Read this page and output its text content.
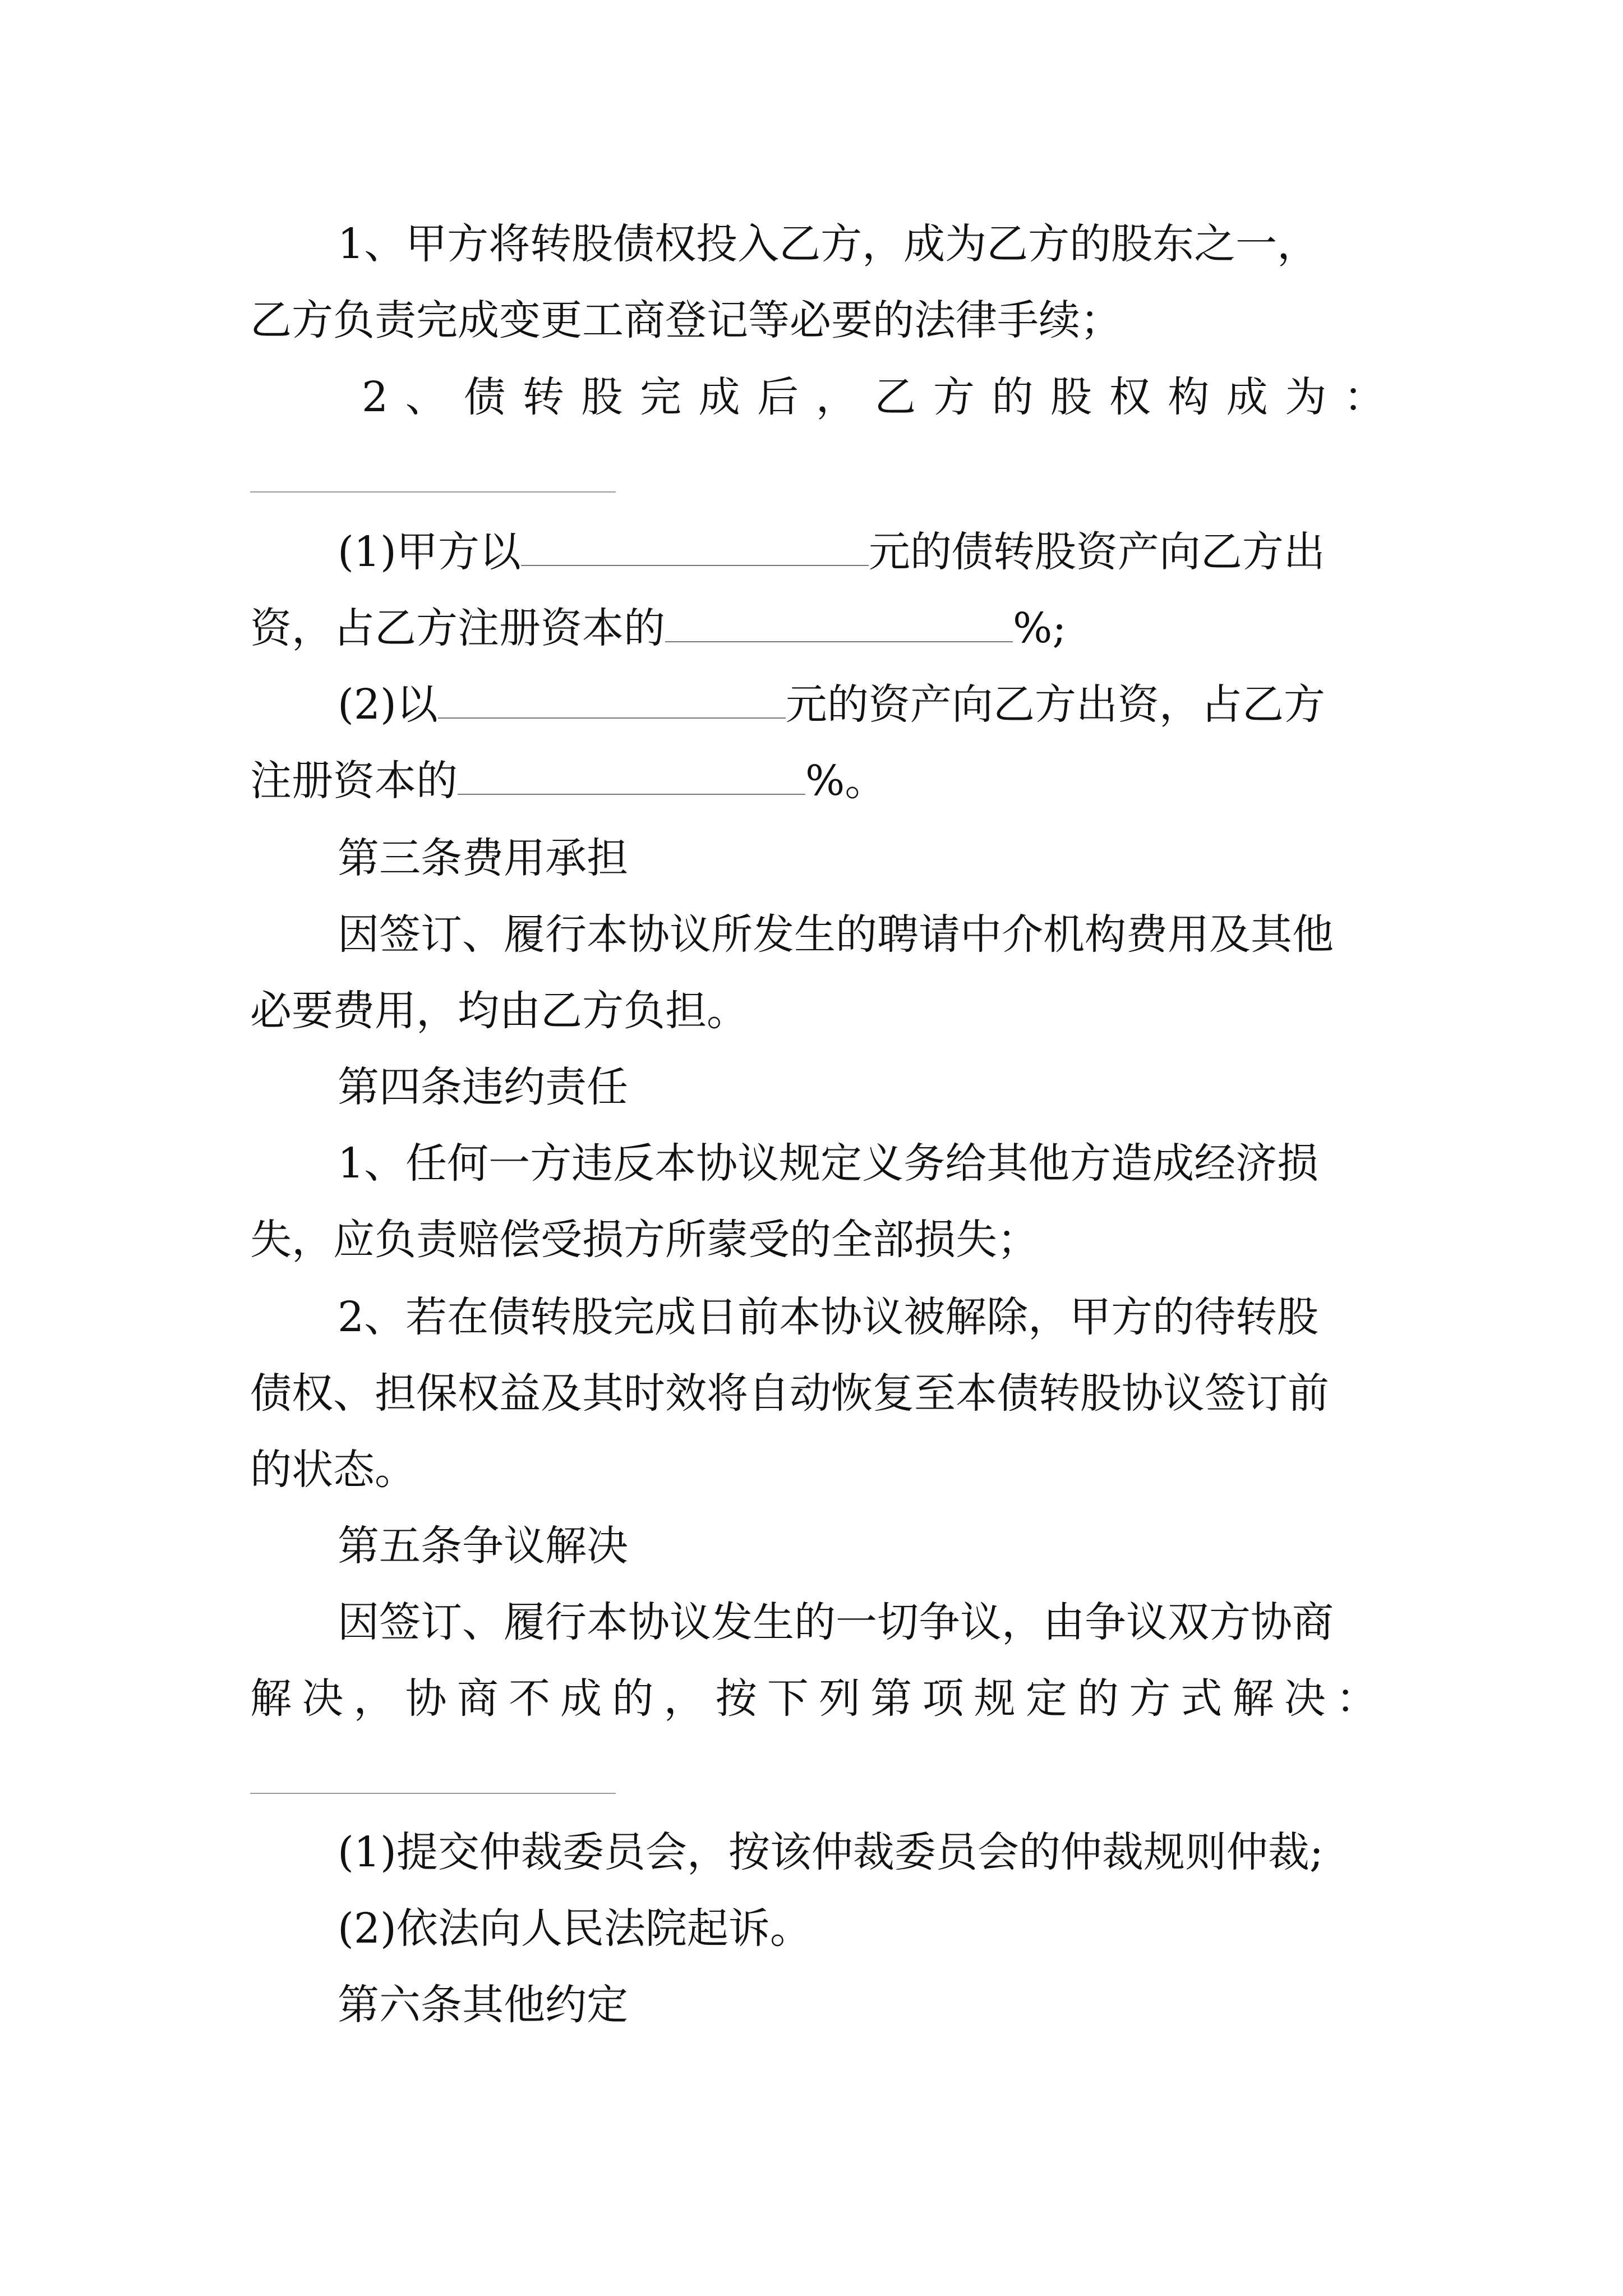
1、甲方将转股债权投入乙方，成为乙方的股东之一，
乙方负责完成变更工商登记等必要的法律手续；
2 、 债 转 股 完 成 后 ， 乙 方 的 股 权 构 成 为 ：
(1)甲方以	元的债转股资产向乙方出
资，占乙方注册资本的	%;
(2)以	元的资产向乙方出资，占乙方
注册资本的	%。
第三条费用承担
因签订、履行本协议所发生的聘请中介机构费用及其他
必要费用，均由乙方负担。
第四条违约责任
1、任何一方违反本协议规定义务给其他方造成经济损
失，应负责赔偿受损方所蒙受的全部损失；
2、若在债转股完成日前本协议被解除，甲方的待转股
债权、担保权益及其时效将自动恢复至本债转股协议签订前
的状态。
第五条争议解决
因签订、履行本协议发生的一切争议，由争议双方协商
解 决 ， 协 商 不 成 的 ， 按 下 列 第 项 规 定 的 方 式 解 决 ：
(1)提交仲裁委员会，按该仲裁委员会的仲裁规则仲裁;
(2)依法向人民法院起诉。
第六条其他约定
